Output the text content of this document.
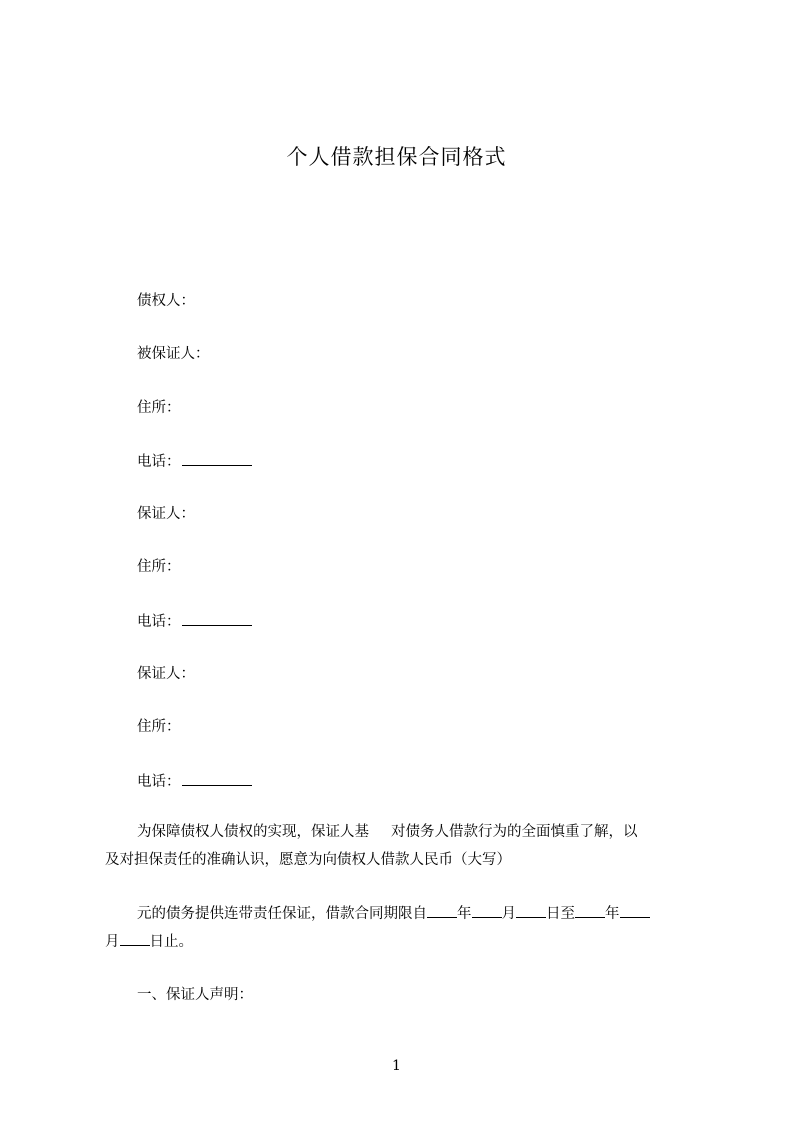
个人借款担保合同格式
债权人：
被保证人：
住所：
电话：
保证人：
住所：
电话：
保证人：
住所：
电话：
为保障债权人债权的实现，保证人基 对债务人借款行为的全面慎重了解，以
及对担保责任的准确认识，愿意为向债权人借款人民币（大写）
元的债务提供连带责任保证，借款合同期限自 年 月 日至 年
月 日止。
一、保证人声明：
1
